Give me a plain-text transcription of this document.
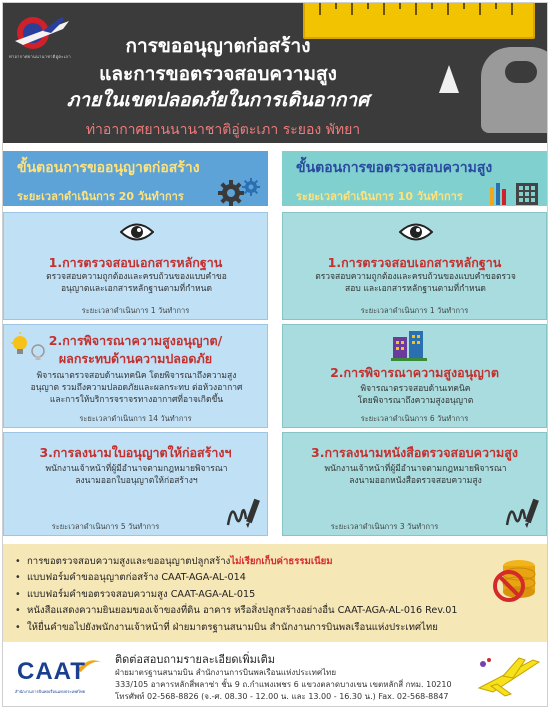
ท่าอากาศยานนานาชาติอู่ตะเภา	การขออนุญาตก่อสร้าง
และการขอตรวจสอบความสูง
ภายในเขตปลอดภัยในการเดินอากาศ
ท่าอากาศยานนานาชาติอู่ตะเภา ระยอง พัทยา
ขั้นตอนการขออนุญาตก่อสร้าง
ระยะเวลาดำเนินการ 20 วันทำการ
ขั้นตอนการขอตรวจสอบความสูง
ระยะเวลาดำเนินการ 10 วันทำการ
1.การตรวจสอบเอกสารหลักฐาน
ตรวจสอบความถูกต้องและครบถ้วนของแบบคำขอ
อนุญาตและเอกสารหลักฐานตามที่กำหนด
ระยะเวลาดำเนินการ 1 วันทำการ
2.การพิจารณาความสูงอนุญาต/
ผลกระทบด้านความปลอดภัย
พิจารณาตรวจสอบด้านเทคนิค โดยพิจารณาถึงความสูง
อนุญาต รวมถึงความปลอดภัยและผลกระทบ ต่อห้วงอากาศ
และการให้บริการจราจรทางอากาศที่อาจเกิดขึ้น
ระยะเวลาดำเนินการ 14 วันทำการ
3.การลงนามใบอนุญาตให้ก่อสร้างฯ
พนักงานเจ้าหน้าที่ผู้มีอำนาจตามกฎหมายพิจารณา
ลงนามออกใบอนุญาตให้ก่อสร้างฯ
ระยะเวลาดำเนินการ 5 วันทำการ
1.การตรวจสอบเอกสารหลักฐาน
ตรวจสอบความถูกต้องและครบถ้วนของแบบคำขอตรวจ
สอบ และเอกสารหลักฐานตามที่กำหนด
ระยะเวลาดำเนินการ 1 วันทำการ
2.การพิจารณาความสูงอนุญาต
พิจารณาตรวจสอบด้านเทคนิค
โดยพิจารณาถึงความสูงอนุญาต
ระยะเวลาดำเนินการ 6 วันทำการ
3.การลงนามหนังสือตรวจสอบความสูง
พนักงานเจ้าหน้าที่ผู้มีอำนาจตามกฎหมายพิจารณา
ลงนามออกหนังสือตรวจสอบความสูง
ระยะเวลาดำเนินการ 3 วันทำการ
• การขอตรวจสอบความสูงและขออนุญาตปลูกสร้างไม่เรียกเก็บค่าธรรมเนียม
• แบบฟอร์มคำขออนุญาตก่อสร้าง CAAT-AGA-AL-014
• แบบฟอร์มคำขอตรวจสอบความสูง CAAT-AGA-AL-015
• หนังสือแสดงความยินยอมของเจ้าของที่ดิน อาคาร หรือสิ่งปลูกสร้างอย่างอื่น CAAT-AGA-AL-016 Rev.01
• ให้ยื่นคำขอไปยังพนักงานเจ้าหน้าที่ ฝ่ายมาตรฐานสนามบิน สำนักงานการบินพลเรือนแห่งประเทศไทย
CAAT
สำนักงานการบินพลเรือนแห่งประเทศไทย
ติดต่อสอบถามรายละเอียดเพิ่มเติม
ฝ่ายมาตรฐานสนามบิน สำนักงานการบินพลเรือนแห่งประเทศไทย
333/105 อาคารหลักสี่พลาซ่า ชั้น 9 ถ.กำแพงเพชร 6 แขวงตลาดบางเขน เขตหลักสี่ กทม. 10210
โทรศัพท์ 02-568-8826 (จ.-ศ. 08.30 - 12.00 น. และ 13.00 - 16.30 น.) Fax. 02-568-8847
